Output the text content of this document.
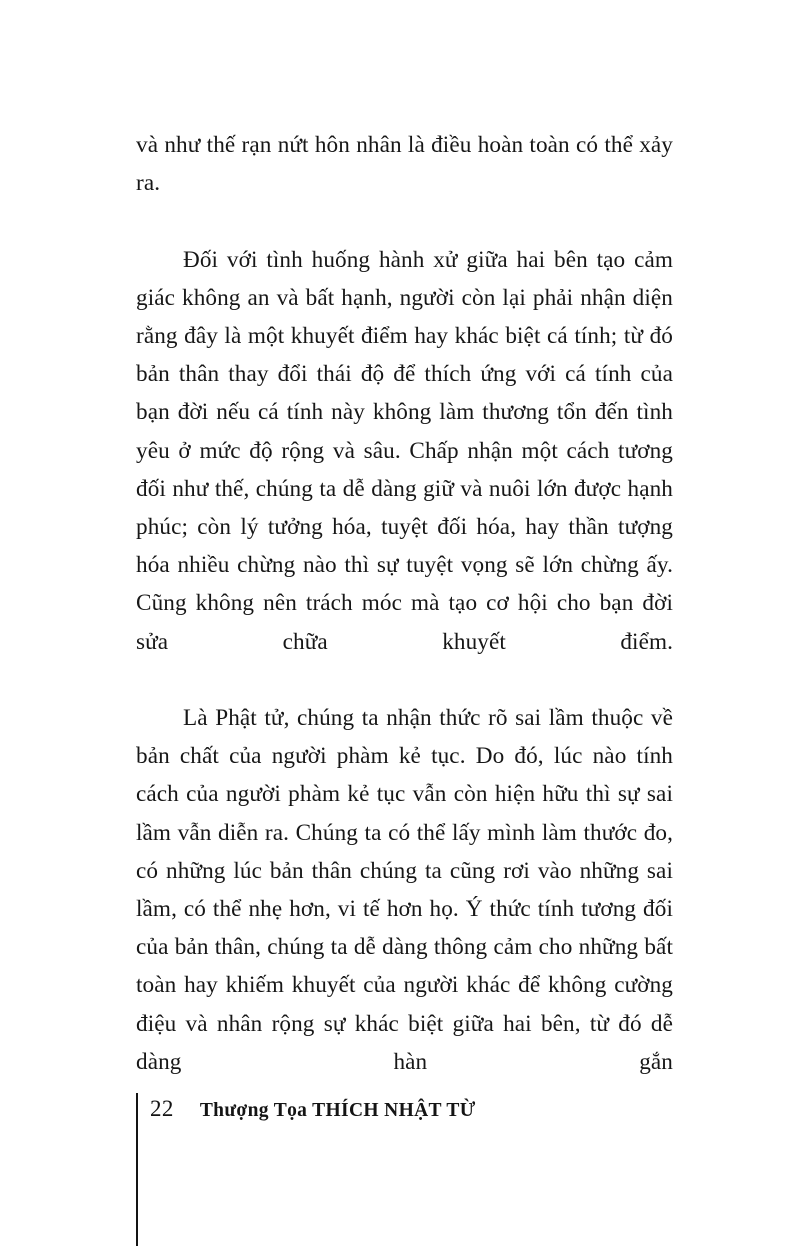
và như thế rạn nứt hôn nhân là điều hoàn toàn có thể xảy ra.

Đối với tình huống hành xử giữa hai bên tạo cảm giác không an và bất hạnh, người còn lại phải nhận diện rằng đây là một khuyết điểm hay khác biệt cá tính; từ đó bản thân thay đổi thái độ để thích ứng với cá tính của bạn đời nếu cá tính này không làm thương tổn đến tình yêu ở mức độ rộng và sâu. Chấp nhận một cách tương đối như thế, chúng ta dễ dàng giữ và nuôi lớn được hạnh phúc; còn lý tưởng hóa, tuyệt đối hóa, hay thần tượng hóa nhiều chừng nào thì sự tuyệt vọng sẽ lớn chừng ấy. Cũng không nên trách móc mà tạo cơ hội cho bạn đời sửa chữa khuyết điểm.

Là Phật tử, chúng ta nhận thức rõ sai lầm thuộc về bản chất của người phàm kẻ tục. Do đó, lúc nào tính cách của người phàm kẻ tục vẫn còn hiện hữu thì sự sai lầm vẫn diễn ra. Chúng ta có thể lấy mình làm thước đo, có những lúc bản thân chúng ta cũng rơi vào những sai lầm, có thể nhẹ hơn, vi tế hơn họ. Ý thức tính tương đối của bản thân, chúng ta dễ dàng thông cảm cho những bất toàn hay khiếm khuyết của người khác để không cường điệu và nhân rộng sự khác biệt giữa hai bên, từ đó dễ dàng hàn gắn

22 Thượng Tọa THÍCH NHẬT TỪ
